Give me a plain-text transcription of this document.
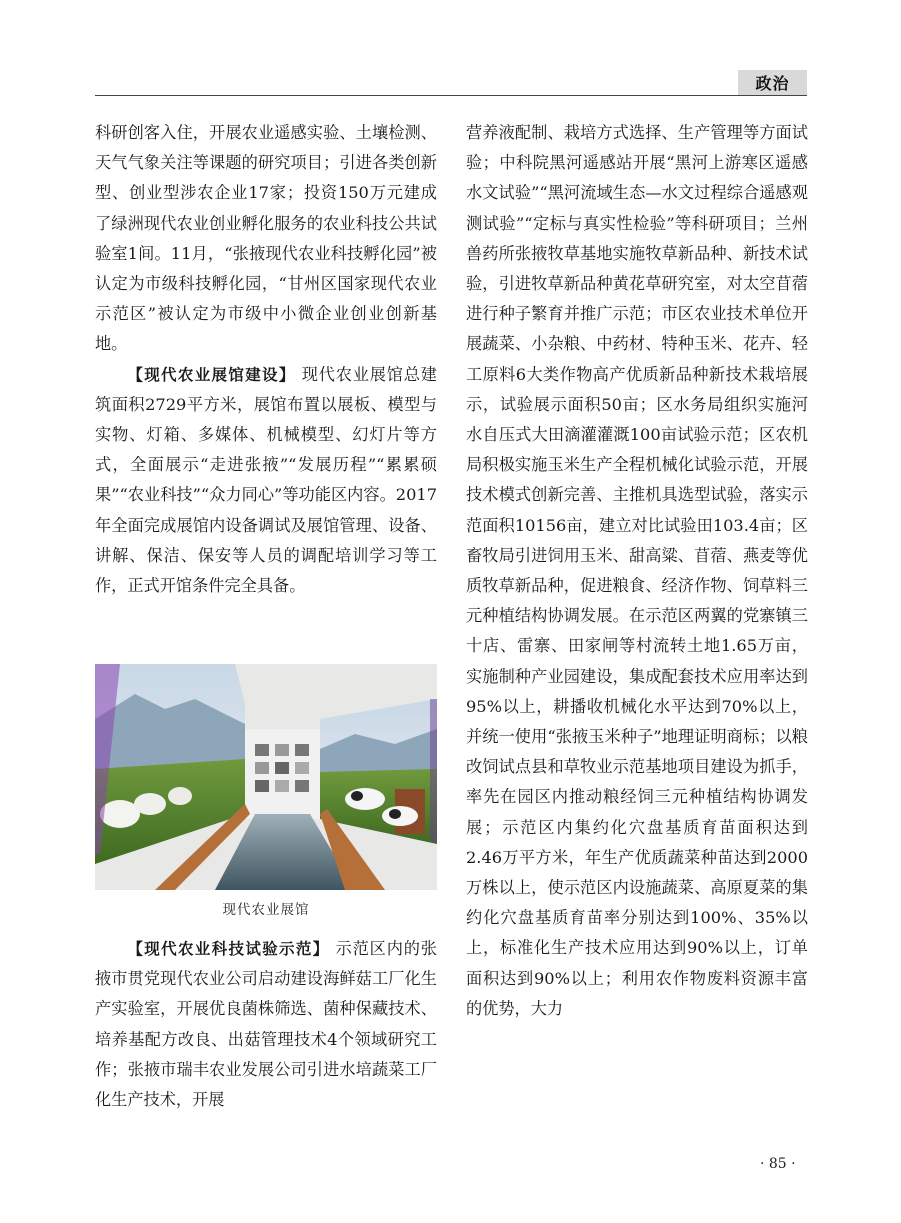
政治

科研创客入住，开展农业遥感实验、土壤检测、天气气象关注等课题的研究项目；引进各类创新型、创业型涉农企业17家；投资150万元建成了绿洲现代农业创业孵化服务的农业科技公共试验室1间。11月，“张掖现代农业科技孵化园”被认定为市级科技孵化园，“甘州区国家现代农业示范区”被认定为市级中小微企业创业创新基地。

【现代农业展馆建设】 现代农业展馆总建筑面积2729平方米，展馆布置以展板、模型与实物、灯箱、多媒体、机械模型、幻灯片等方式，全面展示“走进张掖”“发展历程”“累累硕果”“农业科技”“众力同心”等功能区内容。2017年全面完成展馆内设备调试及展馆管理、设备、讲解、保洁、保安等人员的调配培训学习等工作，正式开馆条件完全具备。

现代农业展馆

【现代农业科技试验示范】 示范区内的张掖市贯党现代农业公司启动建设海鲜菇工厂化生产实验室，开展优良菌株筛选、菌种保藏技术、培养基配方改良、出菇管理技术4个领域研究工作；张掖市瑞丰农业发展公司引进水培蔬菜工厂化生产技术，开展

营养液配制、栽培方式选择、生产管理等方面试验；中科院黑河遥感站开展“黑河上游寒区遥感水文试验”“黑河流域生态—水文过程综合遥感观测试验”“定标与真实性检验”等科研项目；兰州兽药所张掖牧草基地实施牧草新品种、新技术试验，引进牧草新品种黄花草研究室，对太空苜蓿进行种子繁育并推广示范；市区农业技术单位开展蔬菜、小杂粮、中药材、特种玉米、花卉、轻工原料6大类作物高产优质新品种新技术栽培展示，试验展示面积50亩；区水务局组织实施河水自压式大田滴灌灌溉100亩试验示范；区农机局积极实施玉米生产全程机械化试验示范，开展技术模式创新完善、主推机具选型试验，落实示范面积10156亩，建立对比试验田103.4亩；区畜牧局引进饲用玉米、甜高粱、苜蓿、燕麦等优质牧草新品种，促进粮食、经济作物、饲草料三元种植结构协调发展。在示范区两翼的党寨镇三十店、雷寨、田家闸等村流转土地1.65万亩，实施制种产业园建设，集成配套技术应用率达到95%以上，耕播收机械化水平达到70%以上，并统一使用“张掖玉米种子”地理证明商标；以粮改饲试点县和草牧业示范基地项目建设为抓手，率先在园区内推动粮经饲三元种植结构协调发展；示范区内集约化穴盘基质育苗面积达到2.46万平方米，年生产优质蔬菜种苗达到2000万株以上，使示范区内设施蔬菜、高原夏菜的集约化穴盘基质育苗率分别达到100%、35%以上，标准化生产技术应用达到90%以上，订单面积达到90%以上；利用农作物废料资源丰富的优势，大力

· 85 ·
